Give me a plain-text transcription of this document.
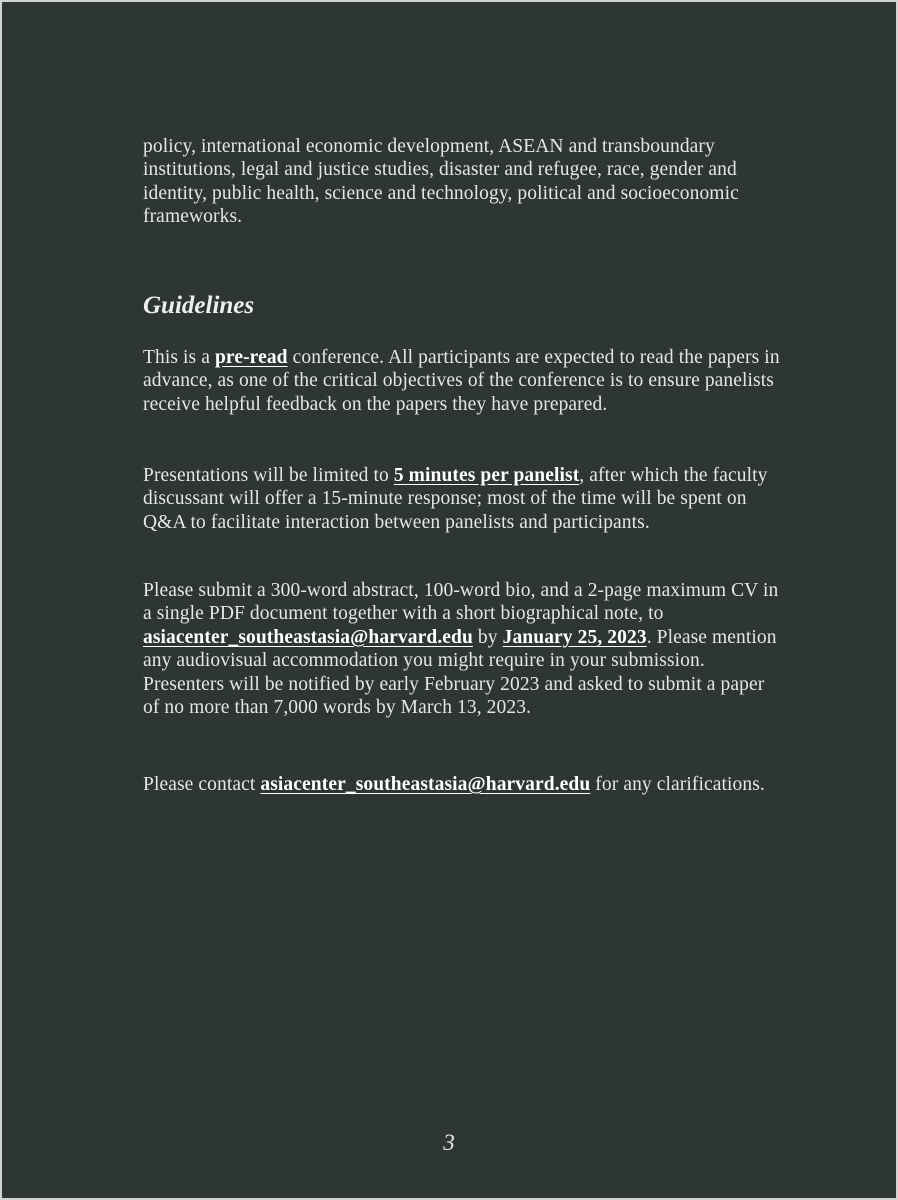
policy, international economic development, ASEAN and transboundary institutions, legal and justice studies, disaster and refugee, race, gender and identity, public health, science and technology, political and socioeconomic frameworks.

Guidelines

This is a pre-read conference. All participants are expected to read the papers in advance, as one of the critical objectives of the conference is to ensure panelists receive helpful feedback on the papers they have prepared.

Presentations will be limited to 5 minutes per panelist, after which the faculty discussant will offer a 15-minute response; most of the time will be spent on Q&A to facilitate interaction between panelists and participants.

Please submit a 300-word abstract, 100-word bio, and a 2-page maximum CV in a single PDF document together with a short biographical note, to asiacenter_southeastasia@harvard.edu by January 25, 2023. Please mention any audiovisual accommodation you might require in your submission. Presenters will be notified by early February 2023 and asked to submit a paper of no more than 7,000 words by March 13, 2023.

Please contact asiacenter_southeastasia@harvard.edu for any clarifications.

3
